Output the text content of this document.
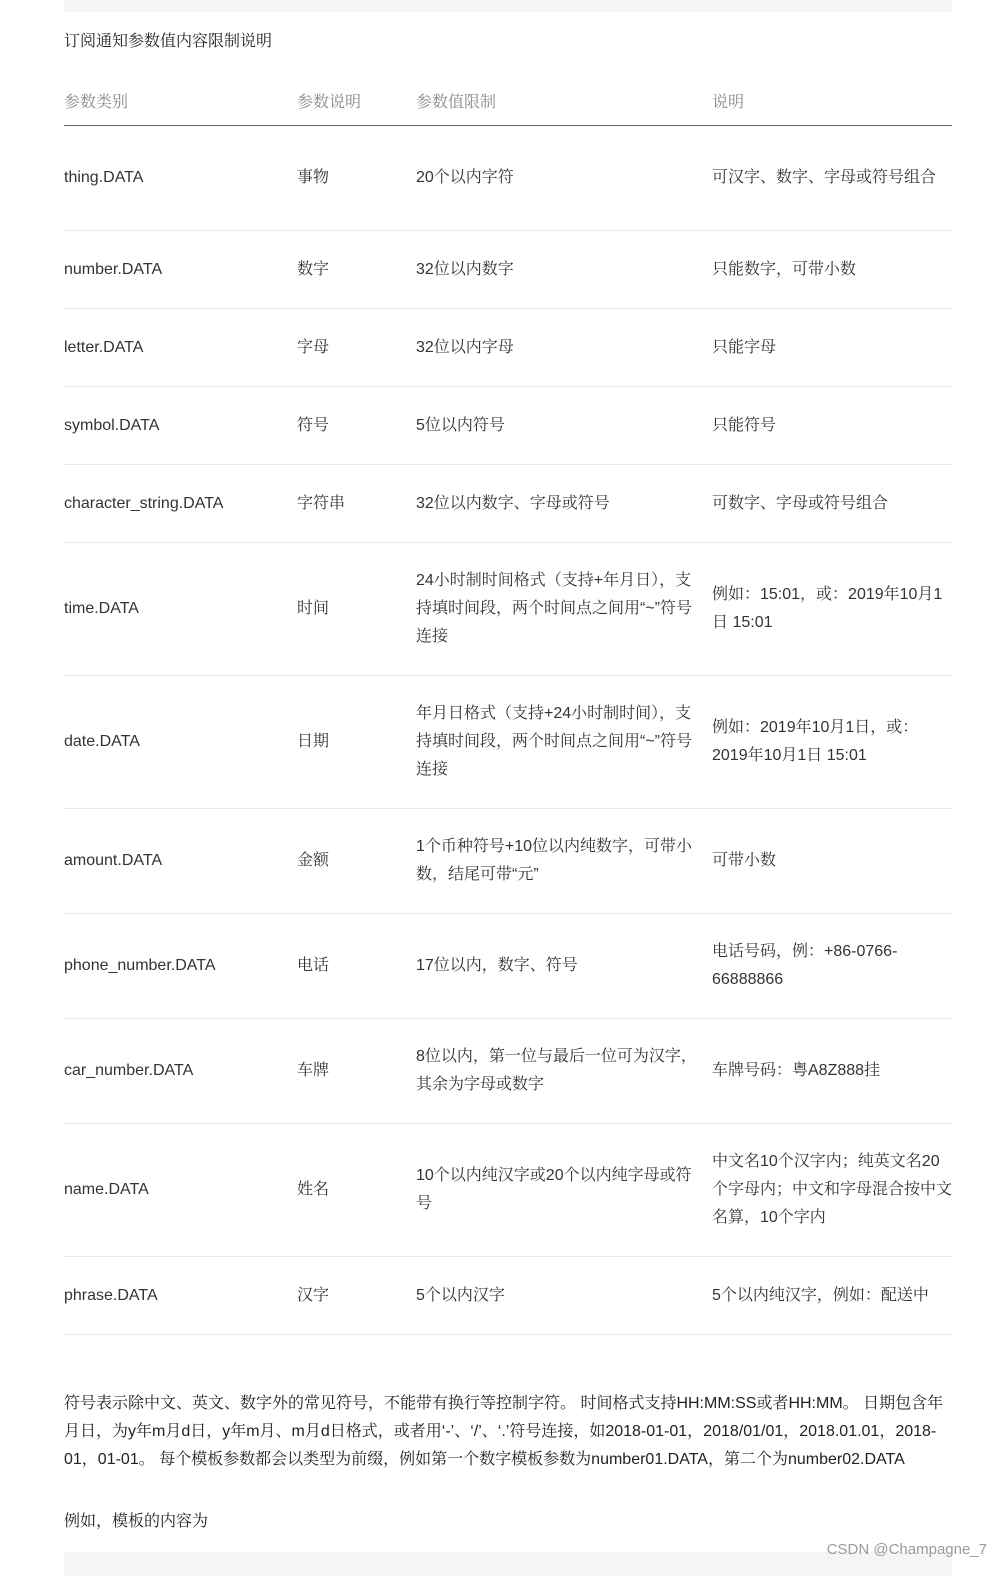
订阅通知参数值内容限制说明
参数类别	参数说明	参数值限制	说明
thing.DATA	事物	20个以内字符	可汉字、数字、字母或符号组合
number.DATA	数字	32位以内数字	只能数字，可带小数
letter.DATA	字母	32位以内字母	只能字母
symbol.DATA	符号	5位以内符号	只能符号
character_string.DATA	字符串	32位以内数字、字母或符号	可数字、字母或符号组合
time.DATA	时间	24小时制时间格式（支持+年月日），支持填时间段，两个时间点之间用“~”符号连接	例如：15:01，或：2019年10月1日 15:01
date.DATA	日期	年月日格式（支持+24小时制时间），支持填时间段，两个时间点之间用“~”符号连接	例如：2019年10月1日，或：2019年10月1日 15:01
amount.DATA	金额	1个币种符号+10位以内纯数字，可带小数，结尾可带“元”	可带小数
phone_number.DATA	电话	17位以内，数字、符号	电话号码，例：+86-0766-66888866
car_number.DATA	车牌	8位以内，第一位与最后一位可为汉字，其余为字母或数字	车牌号码：粤A8Z888挂
name.DATA	姓名	10个以内纯汉字或20个以内纯字母或符号	中文名10个汉字内；纯英文名20个字母内；中文和字母混合按中文名算，10个字内
phrase.DATA	汉字	5个以内汉字	5个以内纯汉字，例如：配送中

符号表示除中文、英文、数字外的常见符号，不能带有换行等控制字符。 时间格式支持HH:MM:SS或者HH:MM。 日期包含年月日，为y年m月d日，y年m月、m月d日格式，或者用‘-’、‘/’、‘.’符号连接，如2018-01-01，2018/01/01，2018.01.01，2018-01，01-01。 每个模板参数都会以类型为前缀，例如第一个数字模板参数为number01.DATA，第二个为number02.DATA

例如，模板的内容为

CSDN @Champagne_7
